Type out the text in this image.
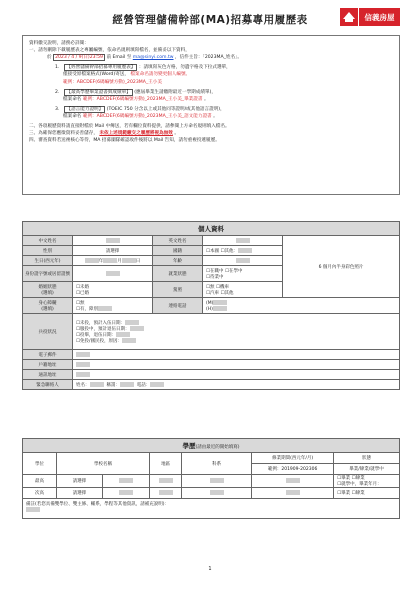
經營管理儲備幹部(MA)招募專用履歷表	信義房屋
資料繳交說明，請務必詳閱：
一、請勿刪除下載履歷表之專屬編號，依命名規則填寫檔名，並備妥以下資料，
於 2023 / 4 / 9(日)23:59 前 Email 至 ma@sinyi.com.tw ，信件主旨：「2023MA_姓名」。
1. 【經營儲備幹部招募專用履歷表】 ：請填寫灰色方格，勿遺字格及下拉式選單，
僅接受原檔案格式(Word)寄送， 檔案命名請勿變更個人編號。
範例：ABCDEF(6碼編號方動)_2023MA_王小美
2. 【最高學歷畢業證書與成績單】 (應屆畢業生請繳附最近一學期成績單)，
檔案命名 範例：ABCDEF(6碼編號方動)_2023MA_王小美_畢業證書 。
3. 【語言能力證明】 (TOEIC 750 分含以上或其他同等證明/或其他語言證明)，
檔案命名 範例：ABCDEF(6碼編號方動)_2023MA_王小美_語文能力證書 。
二、各項履歷資料請直接附檔於 Mail 中傳送，若有欄位資料提供，請參閱上方命名規則填入檔名。
三、為確保您應徵資料妥善儲存， 未依上述規範繳交之履歷將視為無效 。
四、審查資料若送複核心等待，MA 招募團隊確認收件後將以 Mail 告知，請勿重複投遞履歷。
個人資料				
中文姓名		英文姓名		6 個月內半身彩色照片
性別	請選擇	國籍	☐本國 ☐其他：	
生日(西元年)	年 月 日	年齡		
身份證字號或居留證號		就業狀態	☐在職中 ☐在學中
☐待業中	
婚姻狀態
(選填)	☐未婚
☐已婚	駕照	☐無 ☐機車
☐汽車 ☐其他	
身心障礙
(選填)	☐無
☐有，障別	連絡電話	(M)
(H)	
兵役狀況	☐未役，預計入伍日期：
☐服役中，預計退伍日期：
☐役畢，退伍日期：
☐免役/國民役，原因：			
電子郵件				
戶籍地址				
通訊地址				
緊急聯絡人	姓名： 稱謂： 電話：			
學歷(請由最近的開始填寫)						
學位	學校名稱		地區	科系	修業期間(西元年/月)	狀態
					範例：201909-202306	畢業/肄業/就學中
最高	請選擇					☐畢業 ☐肄業
☐就學中，畢業年月：
次高	請選擇					☐畢業 ☐肄業
備註(若您具備雙學位、雙主修、輔系，學程等其他資訊，請補充說明)：						

1
